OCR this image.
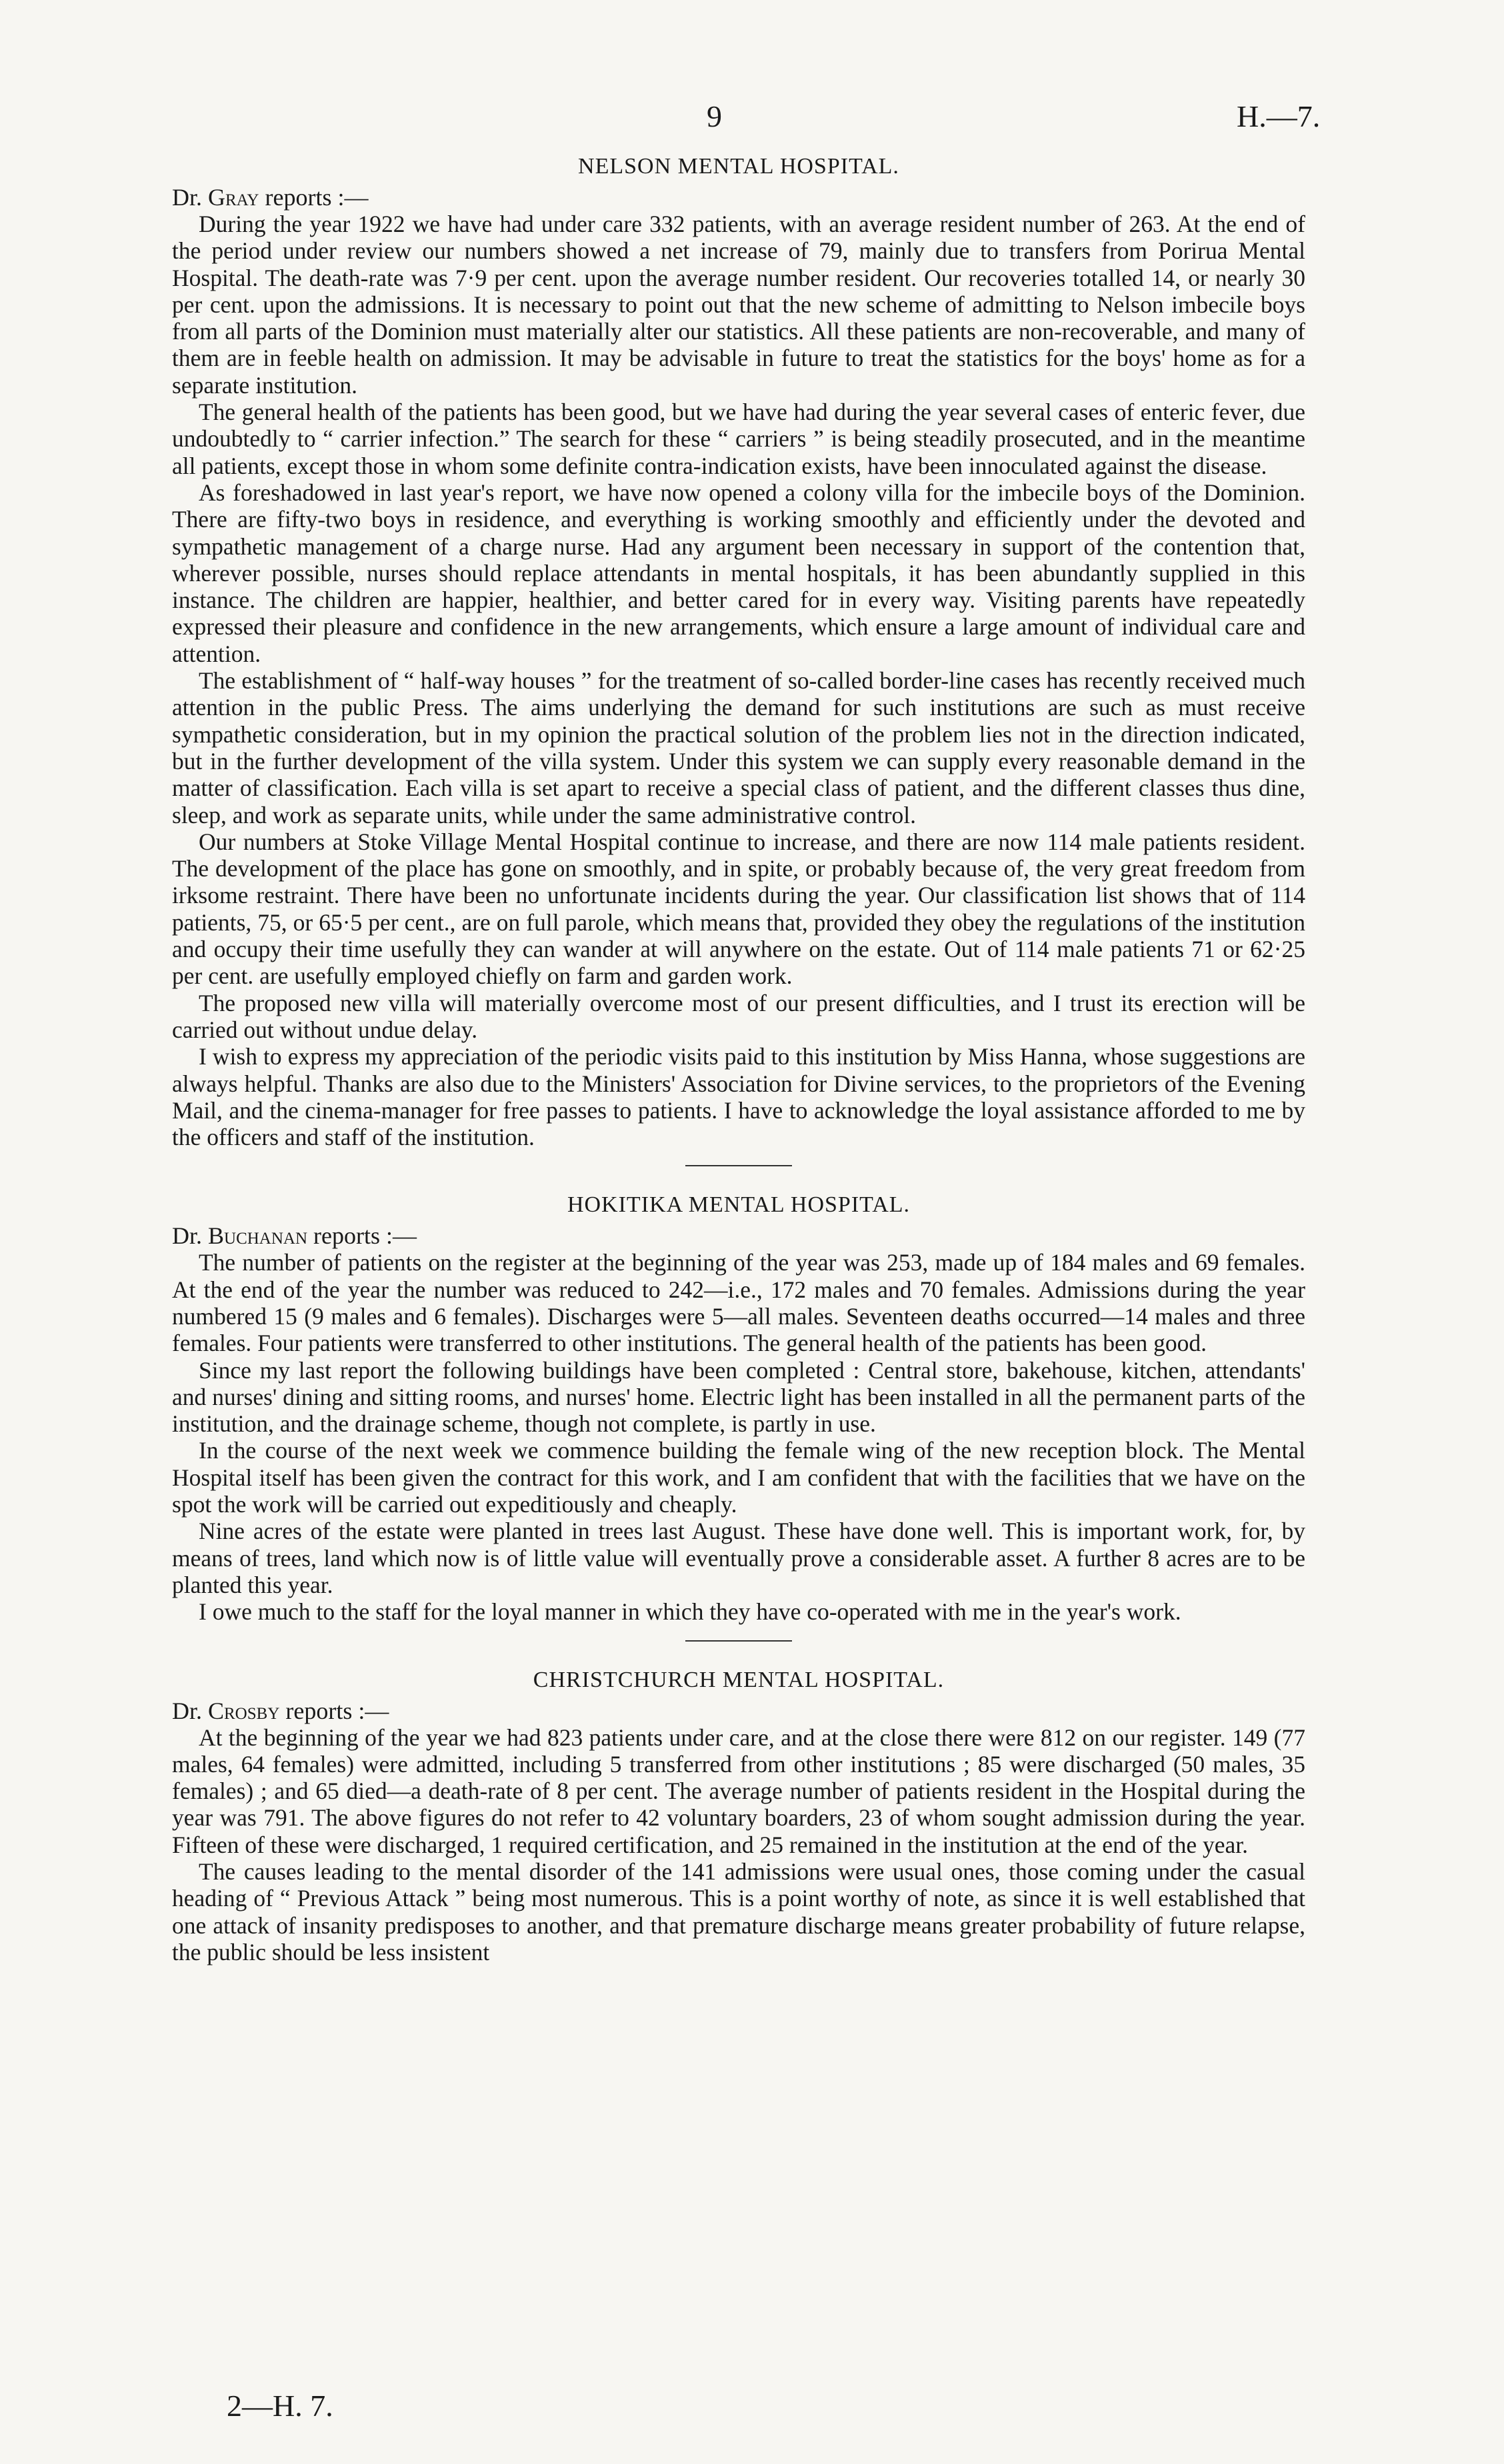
9	H.—7.
NELSON MENTAL HOSPITAL.

Dr. Gray reports :—

During the year 1922 we have had under care 332 patients, with an average resident number of 263. At the end of the period under review our numbers showed a net increase of 79, mainly due to transfers from Porirua Mental Hospital. The death-rate was 7·9 per cent. upon the average number resident. Our recoveries totalled 14, or nearly 30 per cent. upon the admissions. It is necessary to point out that the new scheme of admitting to Nelson imbecile boys from all parts of the Dominion must materially alter our statistics. All these patients are non-recoverable, and many of them are in feeble health on admission. It may be advisable in future to treat the statistics for the boys' home as for a separate institution.

The general health of the patients has been good, but we have had during the year several cases of enteric fever, due undoubtedly to “ carrier infection.” The search for these “ carriers ” is being steadily prosecuted, and in the meantime all patients, except those in whom some definite contra-indication exists, have been innoculated against the disease.

As foreshadowed in last year's report, we have now opened a colony villa for the imbecile boys of the Dominion. There are fifty-two boys in residence, and everything is working smoothly and efficiently under the devoted and sympathetic management of a charge nurse. Had any argument been necessary in support of the contention that, wherever possible, nurses should replace attendants in mental hospitals, it has been abundantly supplied in this instance. The children are happier, healthier, and better cared for in every way. Visiting parents have repeatedly expressed their pleasure and confidence in the new arrangements, which ensure a large amount of individual care and attention.

The establishment of “ half-way houses ” for the treatment of so-called border-line cases has recently received much attention in the public Press. The aims underlying the demand for such institutions are such as must receive sympathetic consideration, but in my opinion the practical solution of the problem lies not in the direction indicated, but in the further development of the villa system. Under this system we can supply every reasonable demand in the matter of classification. Each villa is set apart to receive a special class of patient, and the different classes thus dine, sleep, and work as separate units, while under the same administrative control.

Our numbers at Stoke Village Mental Hospital continue to increase, and there are now 114 male patients resident. The development of the place has gone on smoothly, and in spite, or probably because of, the very great freedom from irksome restraint. There have been no unfortunate incidents during the year. Our classification list shows that of 114 patients, 75, or 65·5 per cent., are on full parole, which means that, provided they obey the regulations of the institution and occupy their time usefully they can wander at will anywhere on the estate. Out of 114 male patients 71 or 62·25 per cent. are usefully employed chiefly on farm and garden work.

The proposed new villa will materially overcome most of our present difficulties, and I trust its erection will be carried out without undue delay.

I wish to express my appreciation of the periodic visits paid to this institution by Miss Hanna, whose suggestions are always helpful. Thanks are also due to the Ministers' Association for Divine services, to the proprietors of the Evening Mail, and the cinema-manager for free passes to patients. I have to acknowledge the loyal assistance afforded to me by the officers and staff of the institution.

HOKITIKA MENTAL HOSPITAL.

Dr. Buchanan reports :—

The number of patients on the register at the beginning of the year was 253, made up of 184 males and 69 females. At the end of the year the number was reduced to 242—i.e., 172 males and 70 females. Admissions during the year numbered 15 (9 males and 6 females). Discharges were 5—all males. Seventeen deaths occurred—14 males and three females. Four patients were transferred to other institutions. The general health of the patients has been good.

Since my last report the following buildings have been completed : Central store, bakehouse, kitchen, attendants' and nurses' dining and sitting rooms, and nurses' home. Electric light has been installed in all the permanent parts of the institution, and the drainage scheme, though not complete, is partly in use.

In the course of the next week we commence building the female wing of the new reception block. The Mental Hospital itself has been given the contract for this work, and I am confident that with the facilities that we have on the spot the work will be carried out expeditiously and cheaply.

Nine acres of the estate were planted in trees last August. These have done well. This is important work, for, by means of trees, land which now is of little value will eventually prove a considerable asset. A further 8 acres are to be planted this year.

I owe much to the staff for the loyal manner in which they have co-operated with me in the year's work.

CHRISTCHURCH MENTAL HOSPITAL.

Dr. Crosby reports :—

At the beginning of the year we had 823 patients under care, and at the close there were 812 on our register. 149 (77 males, 64 females) were admitted, including 5 transferred from other institutions ; 85 were discharged (50 males, 35 females) ; and 65 died—a death-rate of 8 per cent. The average number of patients resident in the Hospital during the year was 791. The above figures do not refer to 42 voluntary boarders, 23 of whom sought admission during the year. Fifteen of these were discharged, 1 required certification, and 25 remained in the institution at the end of the year.

The causes leading to the mental disorder of the 141 admissions were usual ones, those coming under the casual heading of “ Previous Attack ” being most numerous. This is a point worthy of note, as since it is well established that one attack of insanity predisposes to another, and that premature discharge means greater probability of future relapse, the public should be less insistent

2—H. 7.
